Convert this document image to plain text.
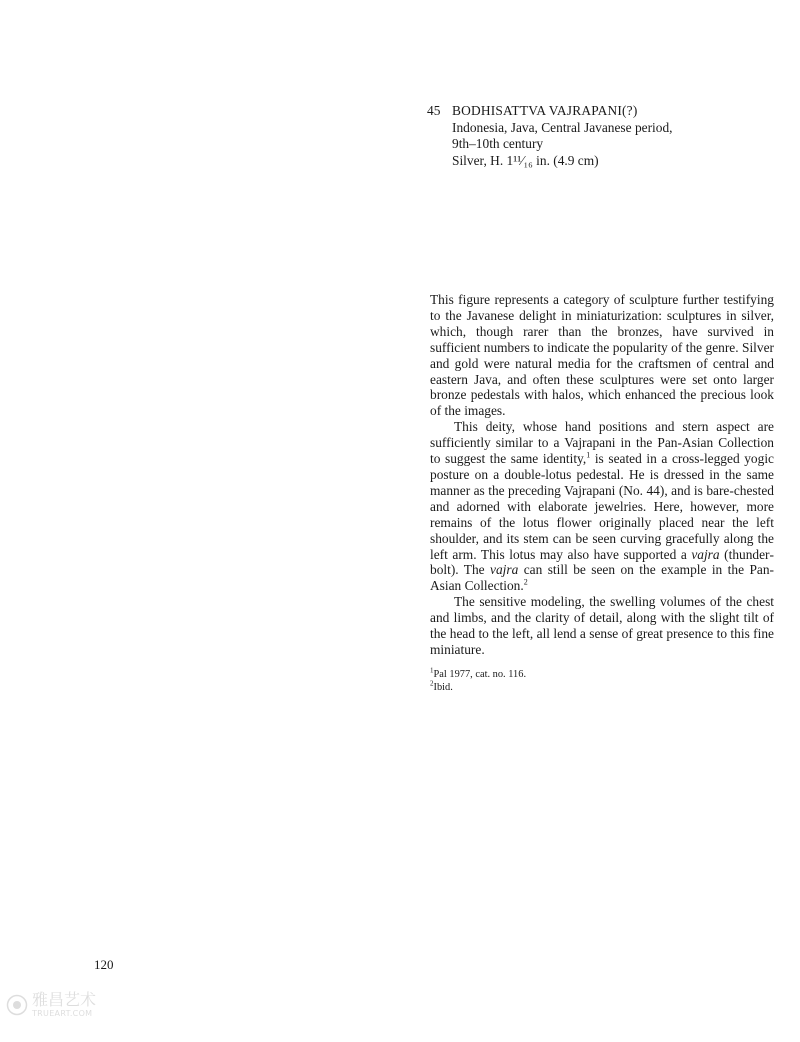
45 BODHISATTVA VAJRAPANI(?)
Indonesia, Java, Central Javanese period,
9th–10th century
Silver, H. 1¹¹⁄₁₆ in. (4.9 cm)

This figure represents a category of sculpture further testifying to the Javanese delight in miniaturization: sculptures in silver, which, though rarer than the bronzes, have survived in sufficient numbers to indicate the popularity of the genre. Silver and gold were natural media for the craftsmen of central and eastern Java, and often these sculptures were set onto larger bronze pedestals with halos, which enhanced the precious look of the images.

This deity, whose hand positions and stern aspect are sufficiently similar to a Vajrapani in the Pan-Asian Collection to suggest the same identity,$^1$ is seated in a cross-legged yogic posture on a double-lotus pedestal. He is dressed in the same manner as the preceding Vajrapani (No. 44), and is bare-chested and adorned with elaborate jewelries. Here, however, more remains of the lotus flower originally placed near the left shoulder, and its stem can be seen curving gracefully along the left arm. This lotus may also have supported a vajra (thunderbolt). The vajra can still be seen on the example in the Pan-Asian Collection.$^2$

The sensitive modeling, the swelling volumes of the chest and limbs, and the clarity of detail, along with the slight tilt of the head to the left, all lend a sense of great presence to this fine miniature.

$^1$Pal 1977, cat. no. 116.
$^2$Ibid.
120
雅昌艺术
TRUEART.COM
